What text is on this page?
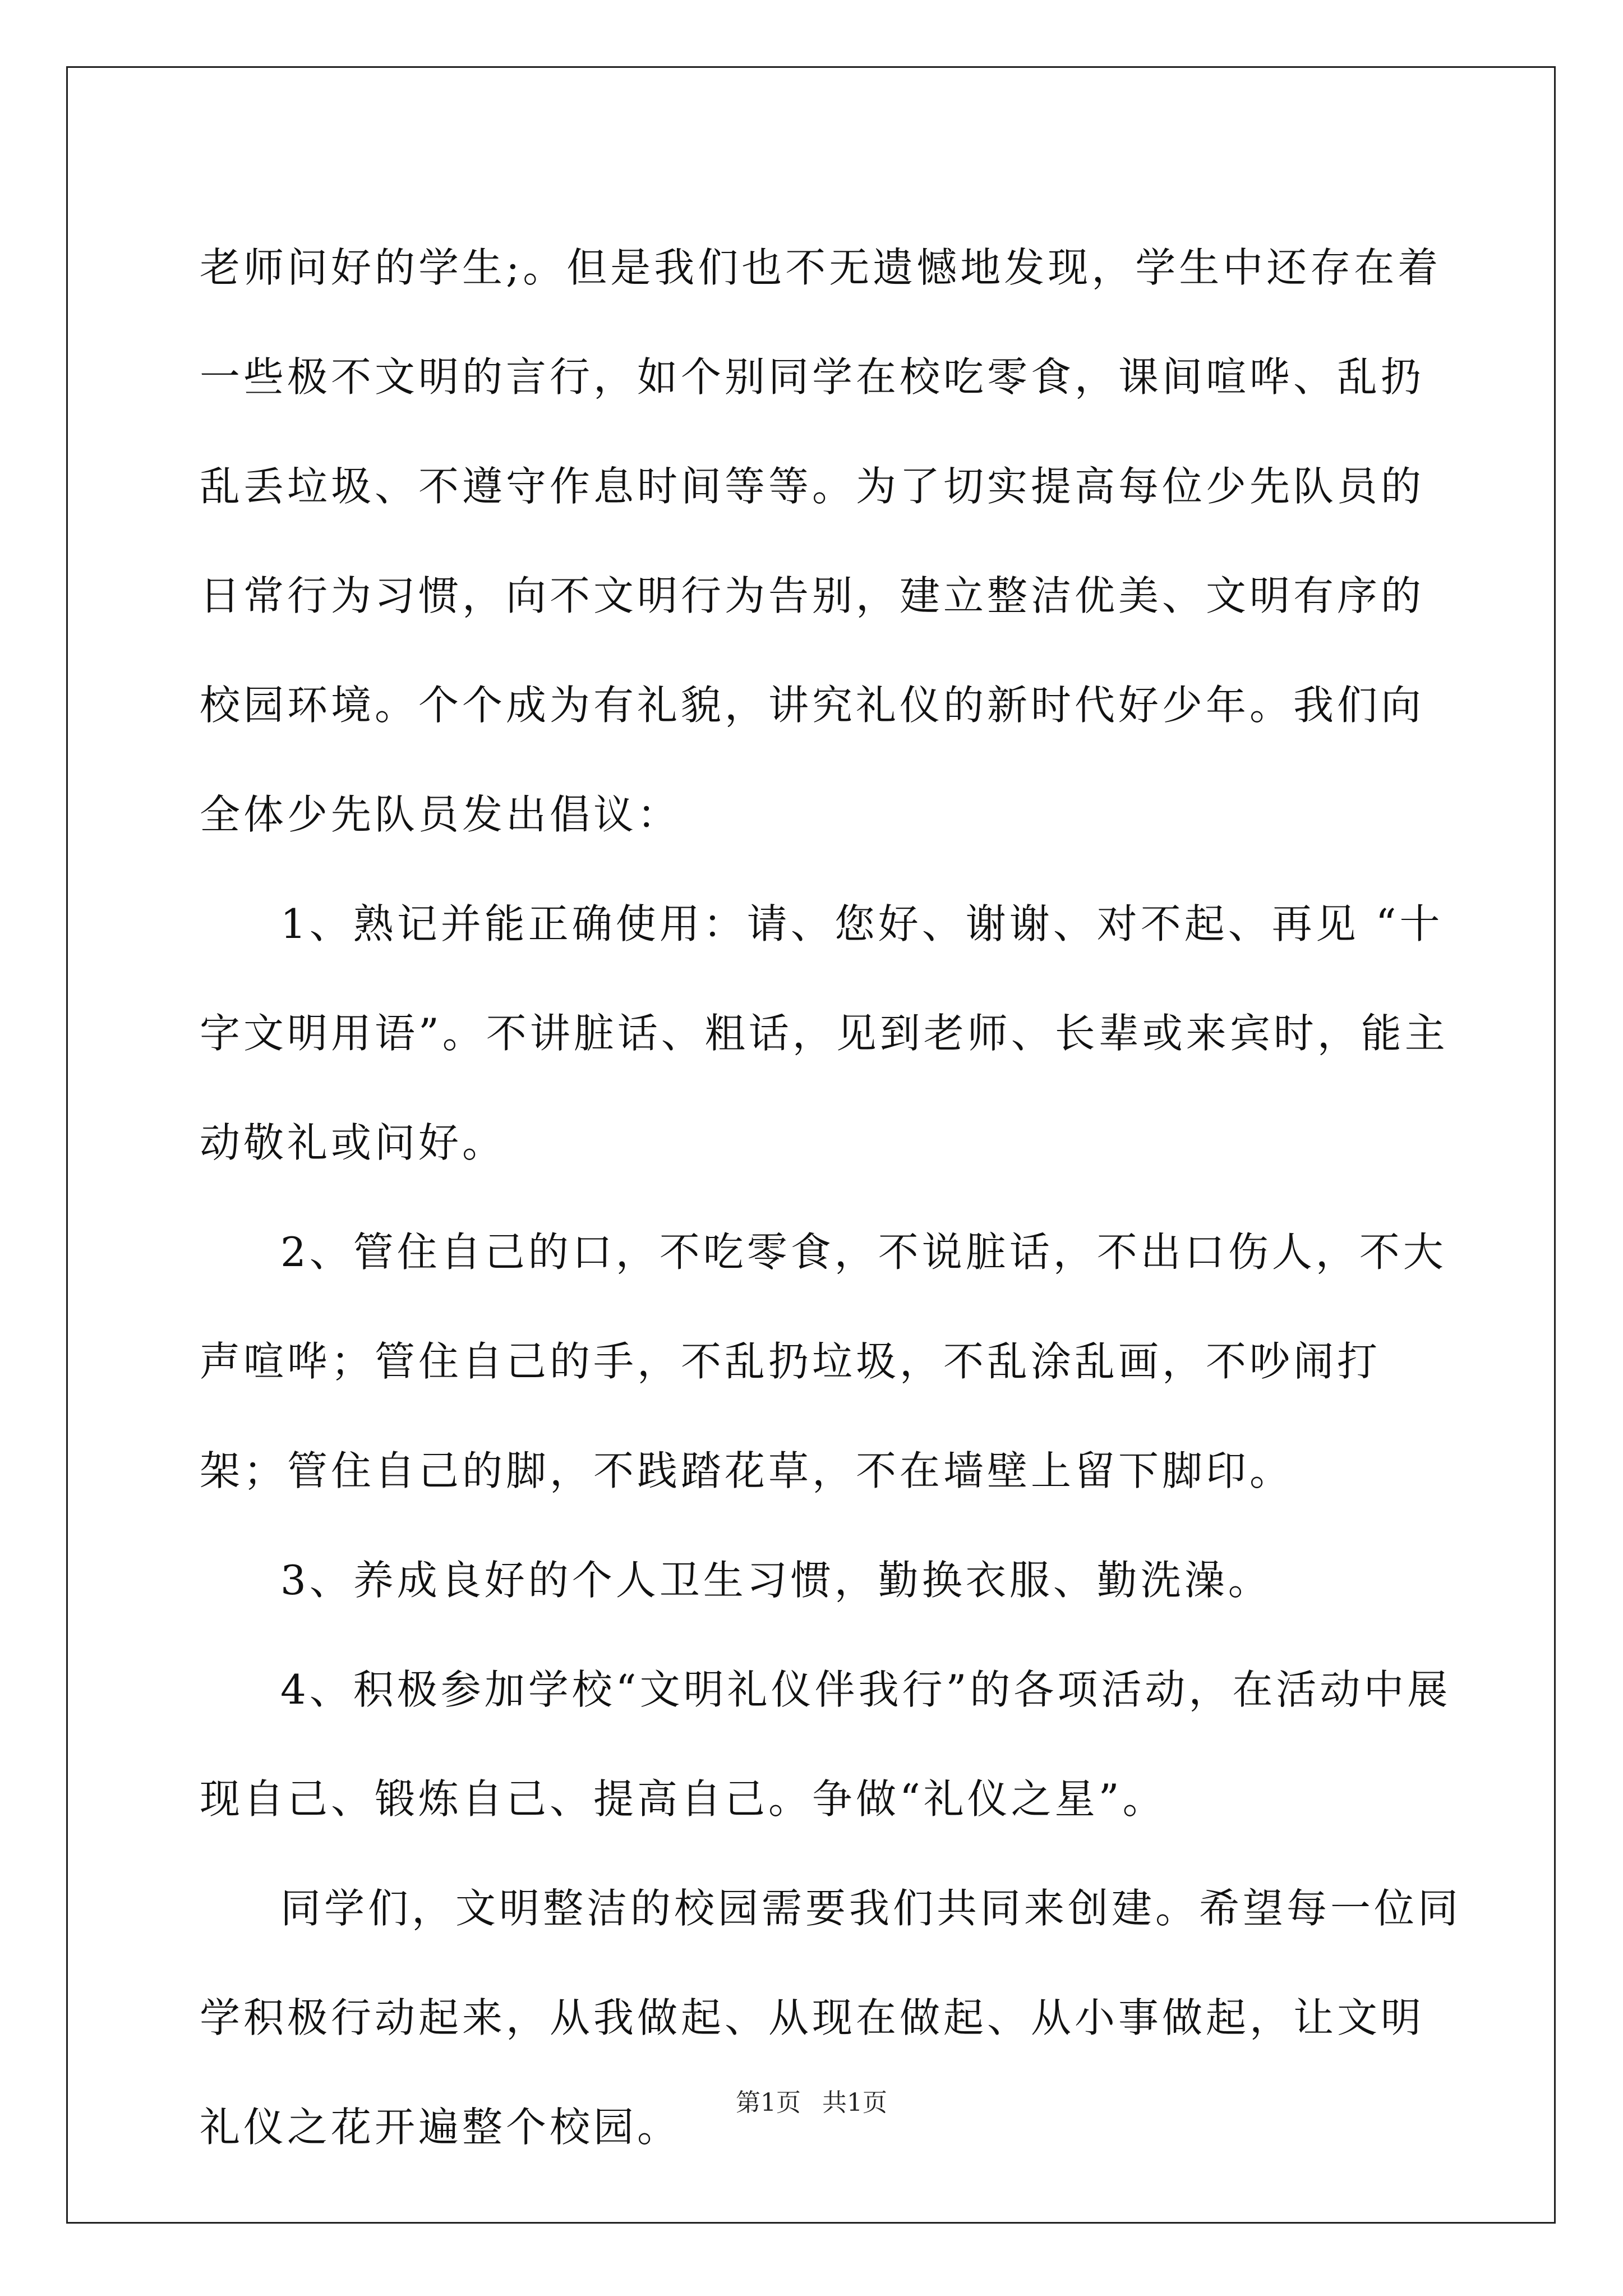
老师问好的学生;。但是我们也不无遗憾地发现，学生中还存在着一些极不文明的言行，如个别同学在校吃零食，课间喧哗、乱扔乱丢垃圾、不遵守作息时间等等。为了切实提高每位少先队员的日常行为习惯，向不文明行为告别，建立整洁优美、文明有序的校园环境。个个成为有礼貌，讲究礼仪的新时代好少年。我们向全体少先队员发出倡议：

1、熟记并能正确使用：请、您好、谢谢、对不起、再见 “十字文明用语”。不讲脏话、粗话，见到老师、长辈或来宾时，能主动敬礼或问好。

2、管住自己的口，不吃零食，不说脏话，不出口伤人，不大声喧哗；管住自己的手，不乱扔垃圾，不乱涂乱画，不吵闹打架；管住自己的脚，不践踏花草，不在墙壁上留下脚印。

3、养成良好的个人卫生习惯，勤换衣服、勤洗澡。

4、积极参加学校“文明礼仪伴我行”的各项活动，在活动中展现自己、锻炼自己、提高自己。争做“礼仪之星”。

同学们，文明整洁的校园需要我们共同来创建。希望每一位同学积极行动起来，从我做起、从现在做起、从小事做起，让文明礼仪之花开遍整个校园。

第1页 共1页
